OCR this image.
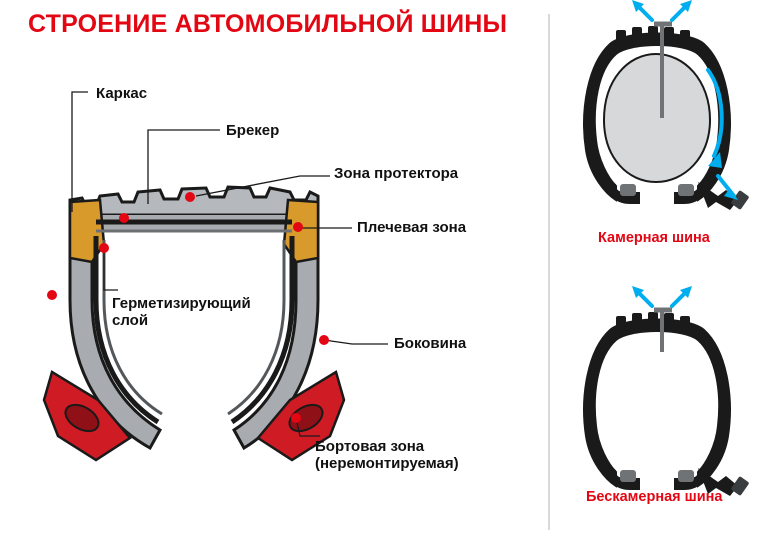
СТРОЕНИЕ АВТОМОБИЛЬНОЙ ШИНЫ
Каркас
Брекер
Зона протектора
Плечевая зона
Герметизирующий слой
Боковина
Бортовая зона (неремонтируемая)
Камерная шина
Бескамерная шина
